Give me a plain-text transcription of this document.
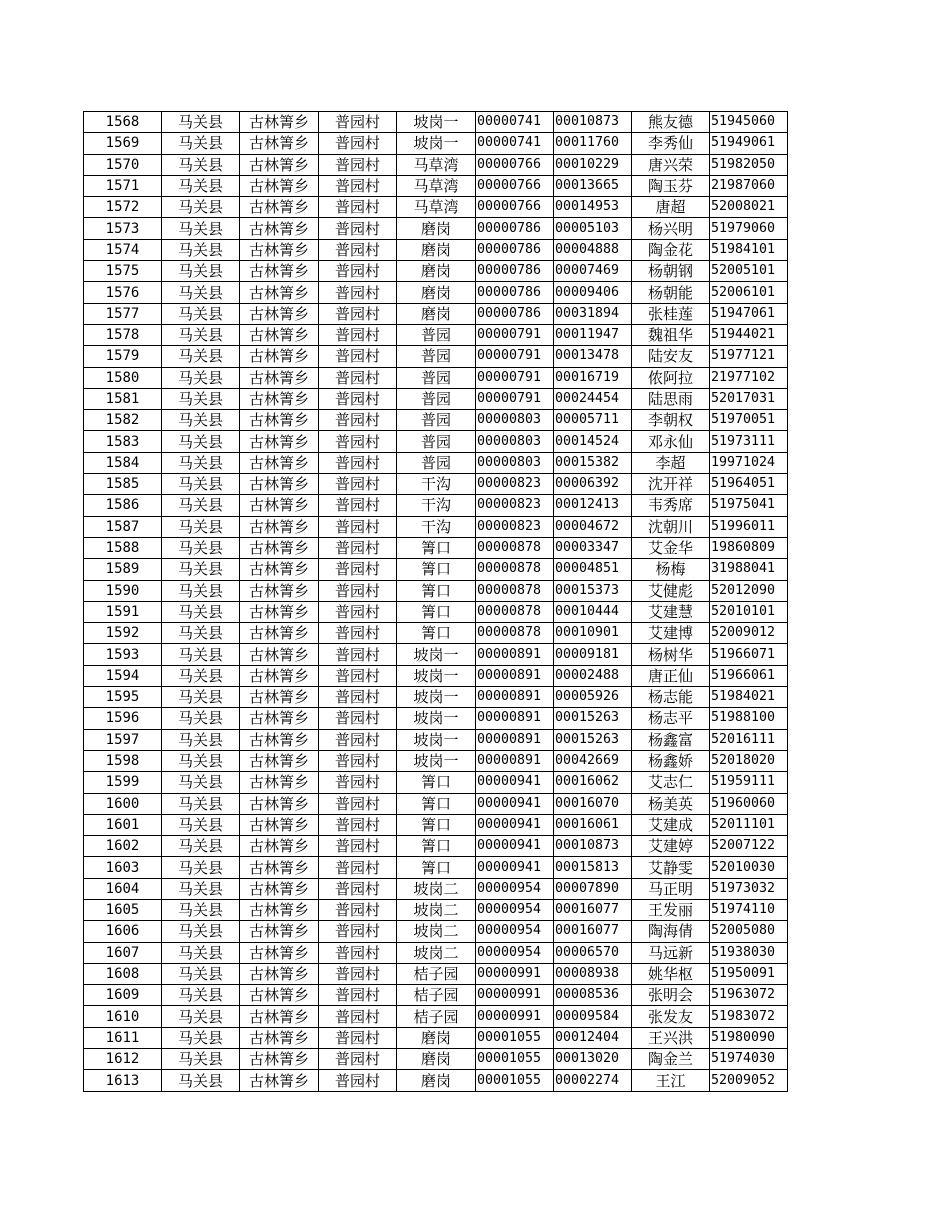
1568	马关县	古林箐乡	普园村	坡岗一	00000741	00010873	熊友德	51945060
1569	马关县	古林箐乡	普园村	坡岗一	00000741	00011760	李秀仙	51949061
1570	马关县	古林箐乡	普园村	马草湾	00000766	00010229	唐兴荣	51982050
1571	马关县	古林箐乡	普园村	马草湾	00000766	00013665	陶玉芬	21987060
1572	马关县	古林箐乡	普园村	马草湾	00000766	00014953	唐超	52008021
1573	马关县	古林箐乡	普园村	磨岗	00000786	00005103	杨兴明	51979060
1574	马关县	古林箐乡	普园村	磨岗	00000786	00004888	陶金花	51984101
1575	马关县	古林箐乡	普园村	磨岗	00000786	00007469	杨朝钢	52005101
1576	马关县	古林箐乡	普园村	磨岗	00000786	00009406	杨朝能	52006101
1577	马关县	古林箐乡	普园村	磨岗	00000786	00031894	张桂莲	51947061
1578	马关县	古林箐乡	普园村	普园	00000791	00011947	魏祖华	51944021
1579	马关县	古林箐乡	普园村	普园	00000791	00013478	陆安友	51977121
1580	马关县	古林箐乡	普园村	普园	00000791	00016719	侬阿拉	21977102
1581	马关县	古林箐乡	普园村	普园	00000791	00024454	陆思雨	52017031
1582	马关县	古林箐乡	普园村	普园	00000803	00005711	李朝权	51970051
1583	马关县	古林箐乡	普园村	普园	00000803	00014524	邓永仙	51973111
1584	马关县	古林箐乡	普园村	普园	00000803	00015382	李超	19971024
1585	马关县	古林箐乡	普园村	干沟	00000823	00006392	沈开祥	51964051
1586	马关县	古林箐乡	普园村	干沟	00000823	00012413	韦秀席	51975041
1587	马关县	古林箐乡	普园村	干沟	00000823	00004672	沈朝川	51996011
1588	马关县	古林箐乡	普园村	箐口	00000878	00003347	艾金华	19860809
1589	马关县	古林箐乡	普园村	箐口	00000878	00004851	杨梅	31988041
1590	马关县	古林箐乡	普园村	箐口	00000878	00015373	艾健彪	52012090
1591	马关县	古林箐乡	普园村	箐口	00000878	00010444	艾建慧	52010101
1592	马关县	古林箐乡	普园村	箐口	00000878	00010901	艾建博	52009012
1593	马关县	古林箐乡	普园村	坡岗一	00000891	00009181	杨树华	51966071
1594	马关县	古林箐乡	普园村	坡岗一	00000891	00002488	唐正仙	51966061
1595	马关县	古林箐乡	普园村	坡岗一	00000891	00005926	杨志能	51984021
1596	马关县	古林箐乡	普园村	坡岗一	00000891	00015263	杨志平	51988100
1597	马关县	古林箐乡	普园村	坡岗一	00000891	00015263	杨鑫富	52016111
1598	马关县	古林箐乡	普园村	坡岗一	00000891	00042669	杨鑫娇	52018020
1599	马关县	古林箐乡	普园村	箐口	00000941	00016062	艾志仁	51959111
1600	马关县	古林箐乡	普园村	箐口	00000941	00016070	杨美英	51960060
1601	马关县	古林箐乡	普园村	箐口	00000941	00016061	艾建成	52011101
1602	马关县	古林箐乡	普园村	箐口	00000941	00010873	艾建婷	52007122
1603	马关县	古林箐乡	普园村	箐口	00000941	00015813	艾静雯	52010030
1604	马关县	古林箐乡	普园村	坡岗二	00000954	00007890	马正明	51973032
1605	马关县	古林箐乡	普园村	坡岗二	00000954	00016077	王发丽	51974110
1606	马关县	古林箐乡	普园村	坡岗二	00000954	00016077	陶海倩	52005080
1607	马关县	古林箐乡	普园村	坡岗二	00000954	00006570	马远新	51938030
1608	马关县	古林箐乡	普园村	桔子园	00000991	00008938	姚华枢	51950091
1609	马关县	古林箐乡	普园村	桔子园	00000991	00008536	张明会	51963072
1610	马关县	古林箐乡	普园村	桔子园	00000991	00009584	张发友	51983072
1611	马关县	古林箐乡	普园村	磨岗	00001055	00012404	王兴洪	51980090
1612	马关县	古林箐乡	普园村	磨岗	00001055	00013020	陶金兰	51974030
1613	马关县	古林箐乡	普园村	磨岗	00001055	00002274	王江	52009052
